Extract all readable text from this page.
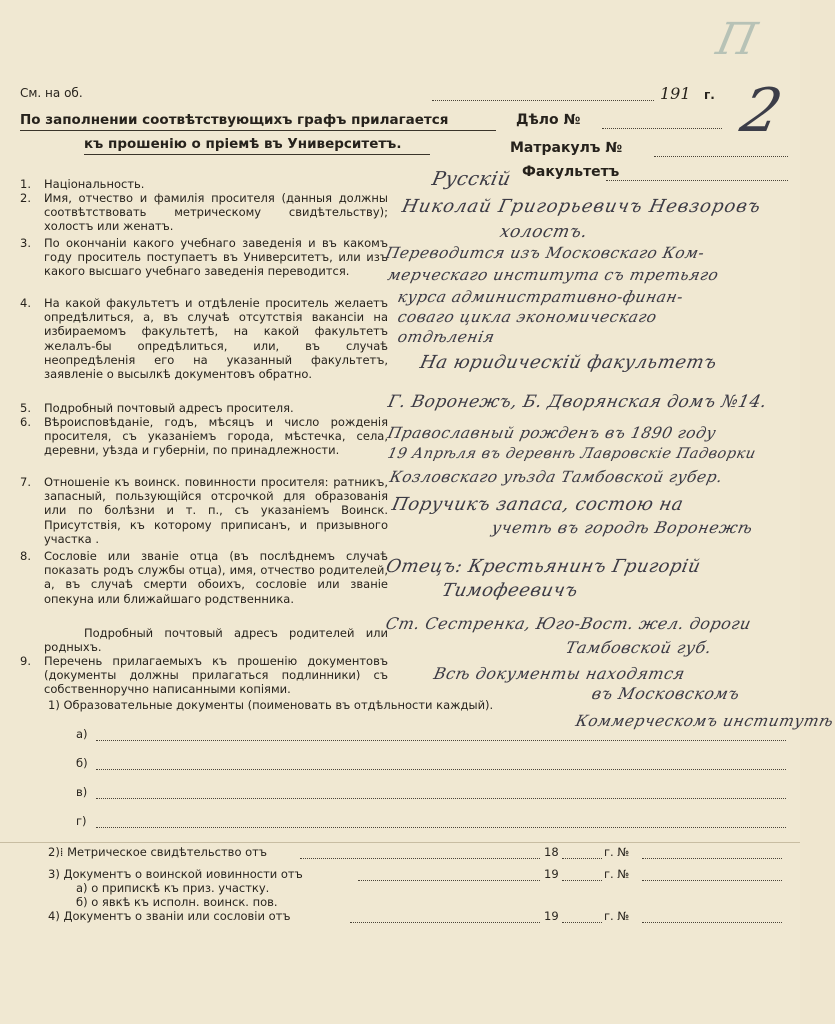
П
См. на об.	191 г. 2
По заполнении соотвѣтствующихъ графъ прилагается
къ прошенiю о прiемѣ въ Университетъ.
Дѣло №
Матракулъ №
Факультетъ
1.	Нацiональность.
2.	Имя, отчество и фамилiя просителя (данныя должны соотвѣтствовать метрическому свидѣтельству); холостъ или женатъ.
3.	По окончанiи какого учебнаго заведенiя и въ какомъ году проситель поступаетъ въ Университетъ, или изъ какого высшаго учебнаго заведенiя переводится.
4.	На какой факультетъ и отдѣленiе проситель желаетъ опредѣлиться, а, въ случаѣ отсутствiя вакансiи на избираемомъ факультетѣ, на какой факультетъ желалъ-бы опредѣлиться, или, въ случаѣ неопредѣленiя его на указанный факультетъ, заявленiе о высылкѣ документовъ обратно.
5.	Подробный почтовый адресъ просителя.
6.	Вѣроисповѣданiе, годъ, мѣсяцъ и число рожденiя просителя, съ указанiемъ города, мѣстечка, села, деревни, уѣзда и губернiи, по принадлежности.
7.	Отношенiе къ воинск. повинности просителя: ратникъ, запасный, пользующiйся отсрочкой для образованiя или по болѣзни и т. п., съ указанiемъ Воинск. Присутствiя, къ которому приписанъ, и призывного участка .
8.	Сословiе или званiе отца (въ послѣднемъ случаѣ показать родъ службы отца), имя, отчество родителей, а, въ случаѣ смерти обоихъ, сословiе или званiе опекуна или ближайшаго родственника.
Подробный почтовый адресъ родителей или родныхъ.
9.	Перечень прилагаемыхъ къ прошенiю документовъ (документы должны прилагаться подлинники) съ собственноручно написанными копiями.
1) Образовательные документы (поименовать въ отдѣльности каждый).
а)
б)
в)
г)
2)⁞ Метрическое свидѣтельство отъ	18	г. №
3) Документъ о воинской иовинности отъ	19	г. №
а) о припискѣ къ приз. участку.
б) о явкѣ къ исполн. воинск. пов.
4) Документъ о званiи или сословiи отъ	19	г. №
Русскiй
Николай Григорьевичъ Невзоровъ
холостъ.
Переводится изъ Московскаго Ком-
мерческаго института съ третьяго
курса административно-финан-
соваго цикла экономическаго
отдѣленiя
На юридическiй факультетъ
Г. Воронежъ, Б. Дворянская домъ №14.
Православный рожденъ въ 1890 году
19 Апрѣля въ деревнѣ Лавровскiе Падворки
Козловскаго уѣзда Тамбовской губер.
Поручикъ запаса, состою на
учетѣ въ городѣ Воронежѣ
Отецъ: Крестьянинъ Григорiй
Тимофеевичъ
Ст. Сестренка, Юго-Вост. жел. дороги
Тамбовской губ.
Всѣ документы находятся
въ Московскомъ
Коммерческомъ институтѣ
